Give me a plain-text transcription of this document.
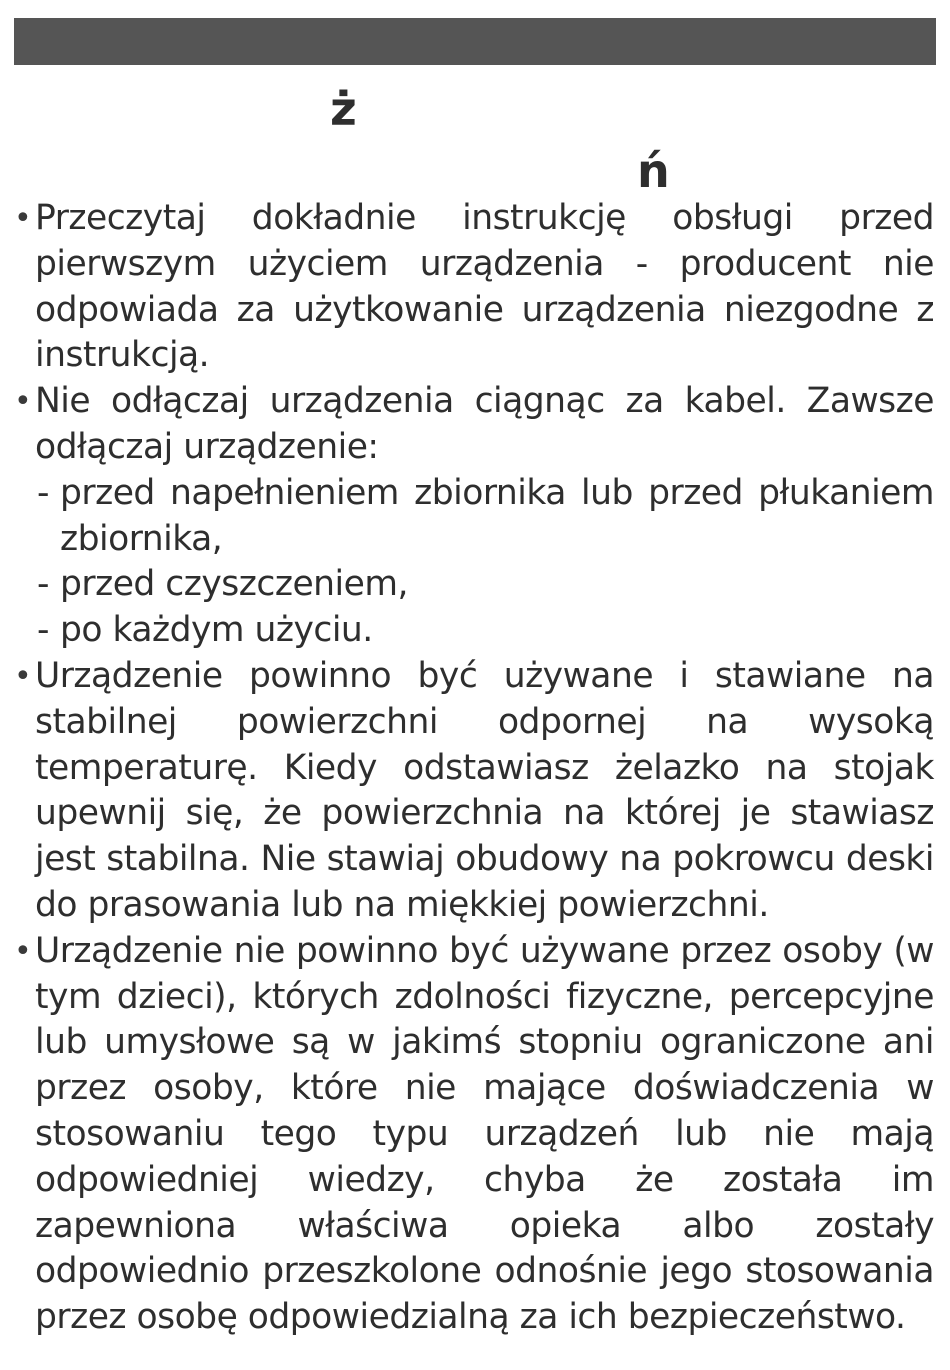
ż
ń
• Przeczytaj dokładnie instrukcję obsługi przed pierwszym użyciem urządzenia - producent nie odpowiada za użytkowanie urządzenia niezgodne z instrukcją.

• Nie odłączaj urządzenia ciągnąc za kabel. Zawsze odłączaj urządzenie:

- przed napełnieniem zbiornika lub przed płukaniem zbiornika,

- przed czyszczeniem,

- po każdym użyciu.

• Urządzenie powinno być używane i stawiane na stabilnej powierzchni odpornej na wysoką temperaturę. Kiedy odstawiasz żelazko na stojak upewnij się, że powierzchnia na której je stawiasz jest stabilna. Nie stawiaj obudowy na pokrowcu deski do prasowania lub na miękkiej powierzchni.

• Urządzenie nie powinno być używane przez osoby (w tym dzieci), których zdolności fizyczne, percepcyjne lub umysłowe są w jakimś stopniu ograniczone ani przez osoby, które nie mające doświadczenia w stosowaniu tego typu urządzeń lub nie mają odpowiedniej wiedzy, chyba że została im zapewniona właściwa opieka albo zostały odpowiednio przeszkolone odnośnie jego stosowania przez osobę odpowiedzialną za ich bezpieczeństwo.
